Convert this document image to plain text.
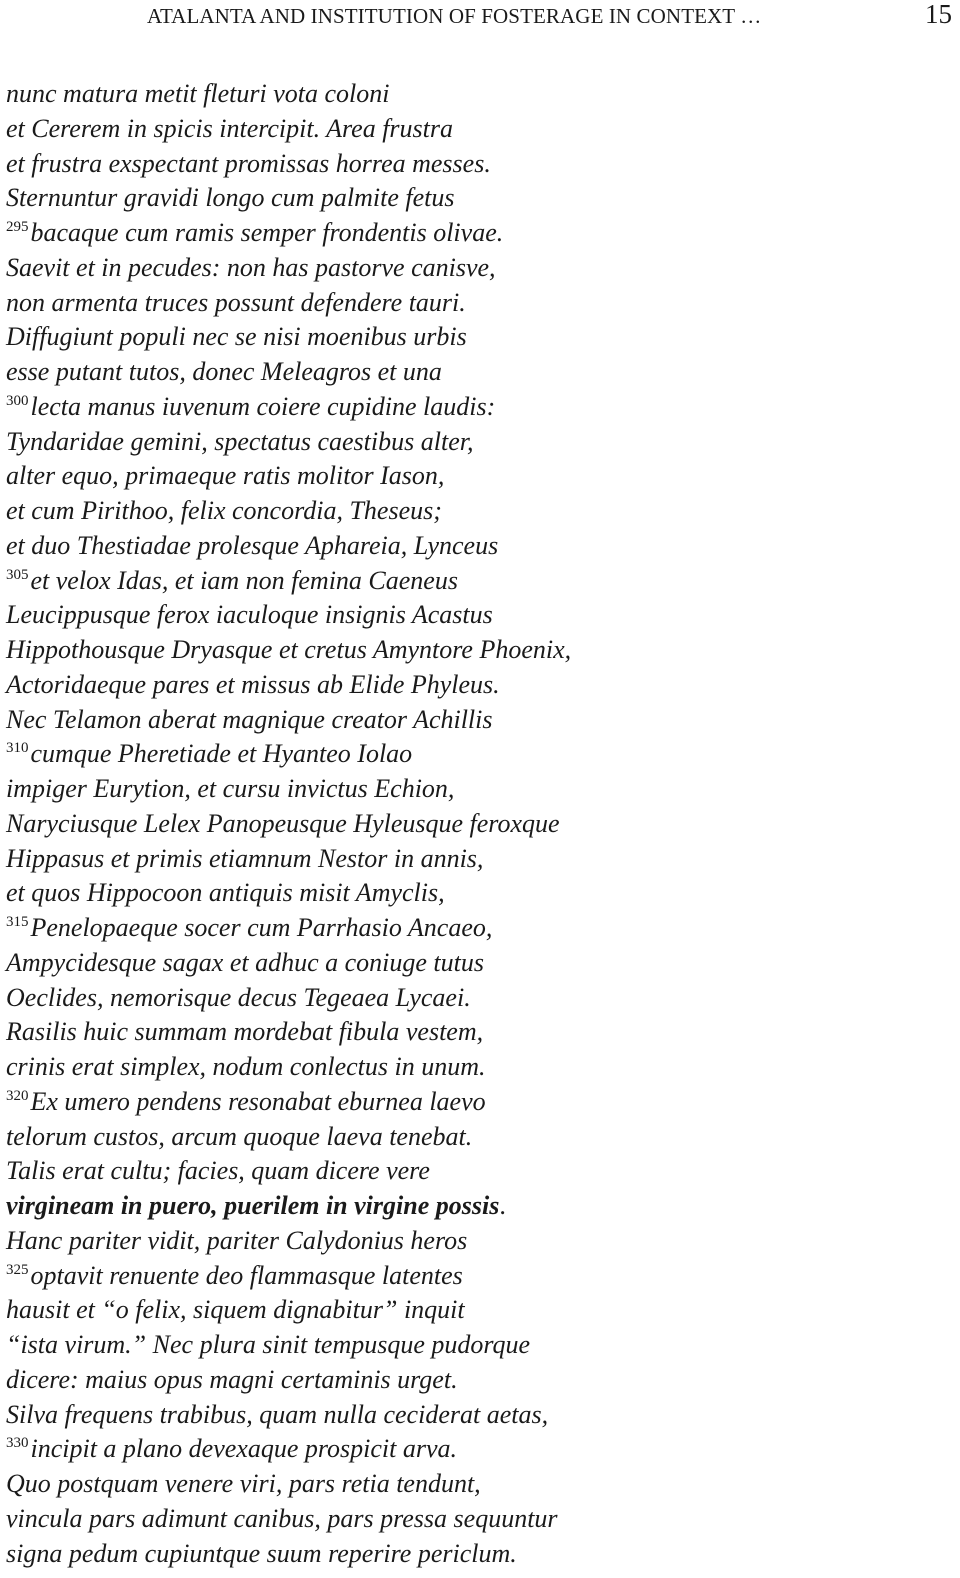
ATALANTA AND INSTITUTION OF FOSTERAGE IN CONTEXT …	15
nunc matura metit fleturi vota coloni
et Cererem in spicis intercipit. Area frustra
et frustra exspectant promissas horrea messes.
Sternuntur gravidi longo cum palmite fetus
$^{295}$bacaque cum ramis semper frondentis olivae.
Saevit et in pecudes: non has pastorve canisve,
non armenta truces possunt defendere tauri.
Diffugiunt populi nec se nisi moenibus urbis
esse putant tutos, donec Meleagros et una
$^{300}$lecta manus iuvenum coiere cupidine laudis:
Tyndaridae gemini, spectatus caestibus alter,
alter equo, primaeque ratis molitor Iason,
et cum Pirithoo, felix concordia, Theseus;
et duo Thestiadae prolesque Aphareia, Lynceus
$^{305}$et velox Idas, et iam non femina Caeneus
Leucippusque ferox iaculoque insignis Acastus
Hippothousque Dryasque et cretus Amyntore Phoenix,
Actoridaeque pares et missus ab Elide Phyleus.
Nec Telamon aberat magnique creator Achillis
$^{310}$cumque Pheretiade et Hyanteo Iolao
impiger Eurytion, et cursu invictus Echion,
Naryciusque Lelex Panopeusque Hyleusque feroxque
Hippasus et primis etiamnum Nestor in annis,
et quos Hippocoon antiquis misit Amyclis,
$^{315}$Penelopaeque socer cum Parrhasio Ancaeo,
Ampycidesque sagax et adhuc a coniuge tutus
Oeclides, nemorisque decus Tegeaea Lycaei.
Rasilis huic summam mordebat fibula vestem,
crinis erat simplex, nodum conlectus in unum.
$^{320}$Ex umero pendens resonabat eburnea laevo
telorum custos, arcum quoque laeva tenebat.
Talis erat cultu; facies, quam dicere vere
virgineam in puero, puerilem in virgine possis.
Hanc pariter vidit, pariter Calydonius heros
$^{325}$optavit renuente deo flammasque latentes
hausit et “o felix, siquem dignabitur” inquit
“ista virum.” Nec plura sinit tempusque pudorque
dicere: maius opus magni certaminis urget.
Silva frequens trabibus, quam nulla ceciderat aetas,
$^{330}$incipit a plano devexaque prospicit arva.
Quo postquam venere viri, pars retia tendunt,
vincula pars adimunt canibus, pars pressa sequuntur
signa pedum cupiuntque suum reperire periclum.
